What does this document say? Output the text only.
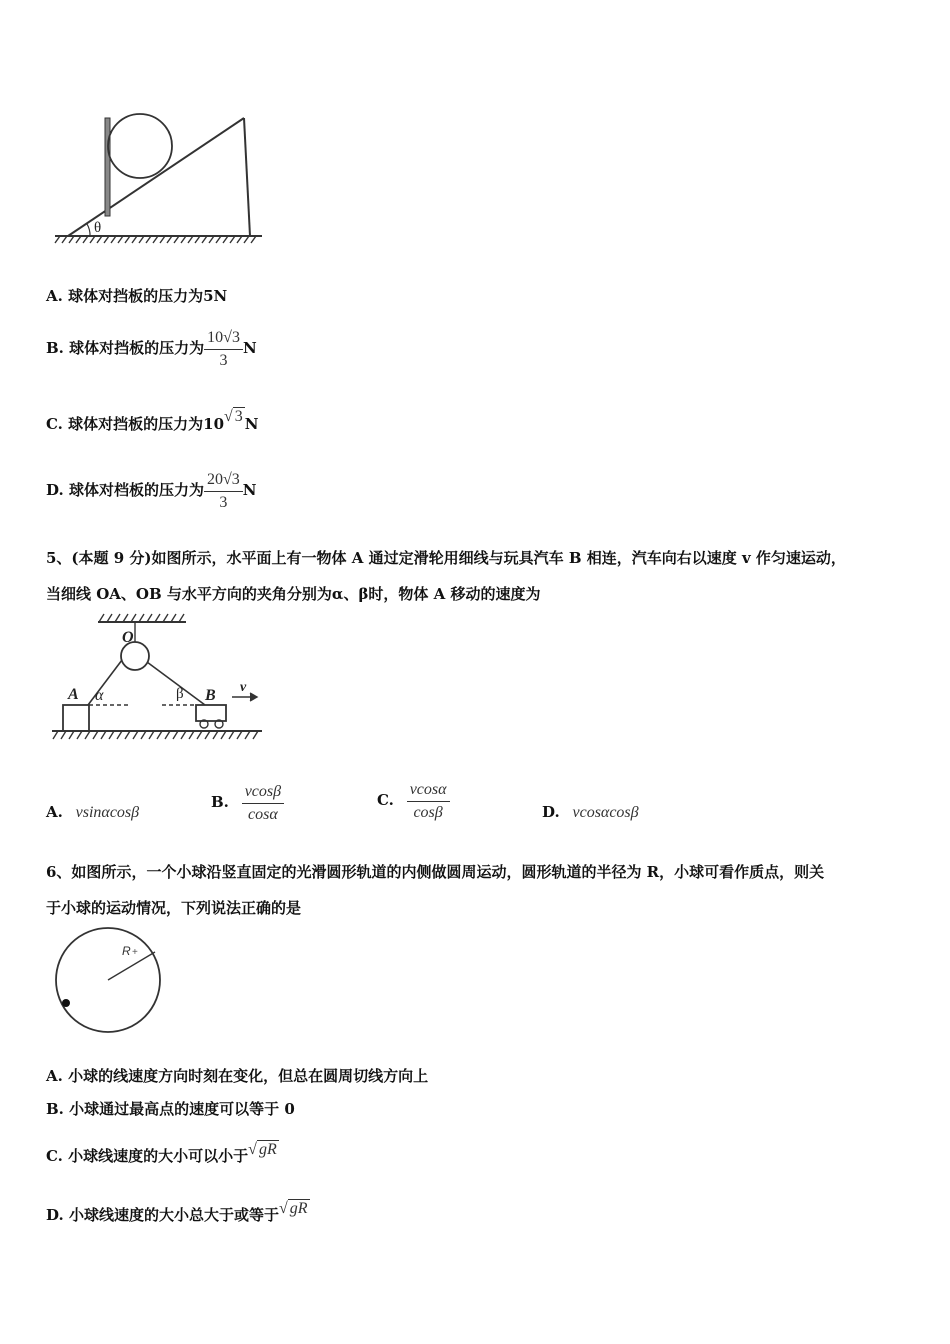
θ
A. 球体对挡板的压力为5N
B. 球体对挡板的压力为 $\frac{10√3}{3}$ N
C. 球体对挡板的压力为10√ 3 N
D. 球体对档板的压力为 $\frac{20√3}{3}$ N
5、(本题 9 分)如图所示，水平面上有一物体 A 通过定滑轮用细线与玩具汽车 B 相连，汽车向右以速度 v 作匀速运动，
当细线 OA、OB 与水平方向的夹角分别为α、β时，物体 A 移动的速度为
O
A α	β B v
A. vsinαcosβ
B. $\frac{vcos\beta}{\cos\alpha}$	C. $\frac{vcos\alpha}{\cos\beta}$	D. vcosαcosβ
6、如图所示，一个小球沿竖直固定的光滑圆形轨道的内侧做圆周运动，圆形轨道的半径为 R，小球可看作质点，则关
于小球的运动情况，下列说法正确的是
R +
A. 小球的线速度方向时刻在变化，但总在圆周切线方向上
B. 小球通过最高点的速度可以等于 0
C. 小球线速度的大小可以小于√ gR
D. 小球线速度的大小总大于或等于√ gR
